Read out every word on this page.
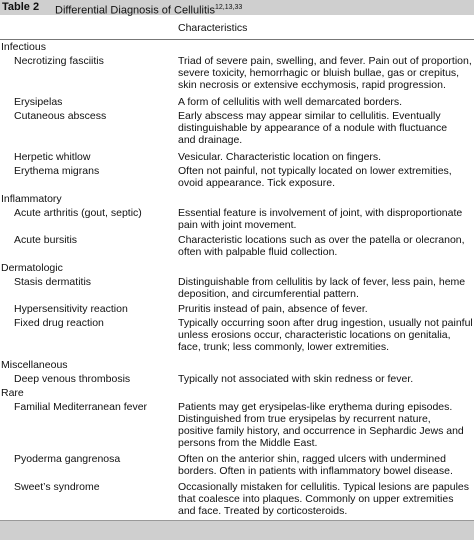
Table 2 Differential Diagnosis of Cellulitis$^{12,13,33}$
Characteristics
Infectious
Necrotizing fasciitis	Triad of severe pain, swelling, and fever. Pain out of proportion,
severe toxicity, hemorrhagic or bluish bullae, gas or crepitus,
skin necrosis or extensive ecchymosis, rapid progression.
Erysipelas	A form of cellulitis with well demarcated borders.
Cutaneous abscess	Early abscess may appear similar to cellulitis. Eventually
distinguishable by appearance of a nodule with fluctuance
and drainage.
Herpetic whitlow	Vesicular. Characteristic location on fingers.
Erythema migrans	Often not painful, not typically located on lower extremities,
ovoid appearance. Tick exposure.
Inflammatory
Acute arthritis (gout, septic)	Essential feature is involvement of joint, with disproportionate
pain with joint movement.
Acute bursitis	Characteristic locations such as over the patella or olecranon,
often with palpable fluid collection.
Dermatologic
Stasis dermatitis	Distinguishable from cellulitis by lack of fever, less pain, heme
deposition, and circumferential pattern.
Hypersensitivity reaction	Pruritis instead of pain, absence of fever.
Fixed drug reaction	Typically occurring soon after drug ingestion, usually not painful
unless erosions occur, characteristic locations on genitalia,
face, trunk; less commonly, lower extremities.
Miscellaneous
Deep venous thrombosis	Typically not associated with skin redness or fever.
Rare
Familial Mediterranean fever	Patients may get erysipelas-like erythema during episodes.
Distinguished from true erysipelas by recurrent nature,
positive family history, and occurrence in Sephardic Jews and
persons from the Middle East.
Pyoderma gangrenosa	Often on the anterior shin, ragged ulcers with undermined
borders. Often in patients with inflammatory bowel disease.
Sweet’s syndrome	Occasionally mistaken for cellulitis. Typical lesions are papules
that coalesce into plaques. Commonly on upper extremities
and face. Treated by corticosteroids.
